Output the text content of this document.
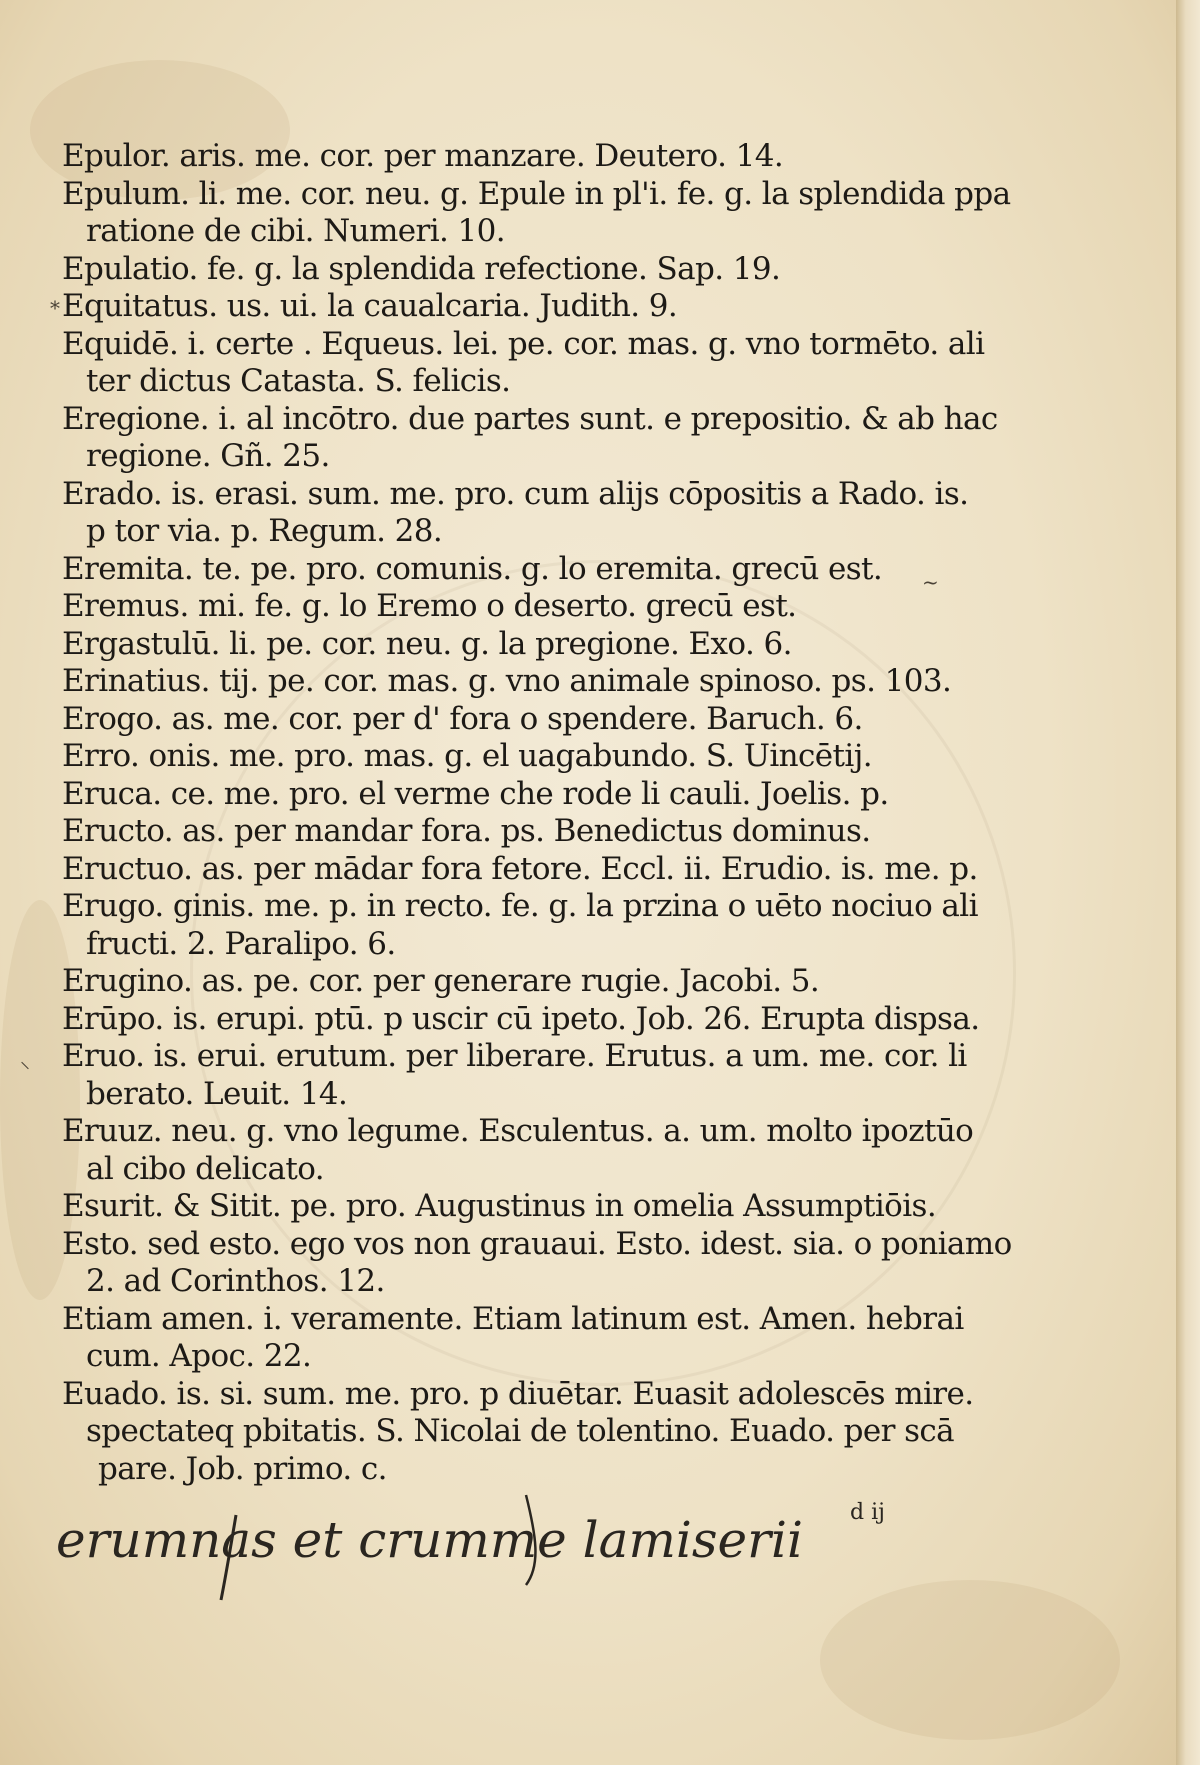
Epulor. aris. me. cor. per manzare. Deutero. 14.

Epulum. li. me. cor. neu. g. Epule in pl'i. fe. g. la splendida ppa
ratione de cibi. Numeri. 10.

Epulatio. fe. g. la splendida refectione. Sap. 19.

Equitatus. us. ui. la caualcaria. Judith. 9.

Equidē. i. certe . Equeus. lei. pe. cor. mas. g. vno tormēto. ali
ter dictus Catasta. S. felicis.

Eregione. i. al incōtro. due partes sunt. e prepositio. & ab hac
regione. Gñ. 25.

Erado. is. erasi. sum. me. pro. cum alijs cōpositis a Rado. is.
p tor via. p. Regum. 28.

Eremita. te. pe. pro. comunis. g. lo eremita. grecū est.

Eremus. mi. fe. g. lo Eremo o deserto. grecū est.

Ergastulū. li. pe. cor. neu. g. la pregione. Exo. 6.

Erinatius. tij. pe. cor. mas. g. vno animale spinoso. ps. 103.

Erogo. as. me. cor. per d' fora o spendere. Baruch. 6.

Erro. onis. me. pro. mas. g. el uagabundo. S. Uincētij.

Eruca. ce. me. pro. el verme che rode li cauli. Joelis. p.

Eructo. as. per mandar fora. ps. Benedictus dominus.

Eructuo. as. per mādar fora fetore. Eccl. ii. Erudio. is. me. p.

Erugo. ginis. me. p. in recto. fe. g. la przina o uēto nociuo ali
fructi. 2. Paralipo. 6.

Erugino. as. pe. cor. per generare rugie. Jacobi. 5.

Erūpo. is. erupi. ptū. p uscir cū ipeto. Job. 26. Erupta dispsa.

Eruo. is. erui. erutum. per liberare. Erutus. a um. me. cor. li
berato. Leuit. 14.

Eruuz. neu. g. vno legume. Esculentus. a. um. molto ipoztūo
al cibo delicato.

Esurit. & Sitit. pe. pro. Augustinus in omelia Assumptiōis.

Esto. sed esto. ego vos non grauaui. Esto. idest. sia. o poniamo
2. ad Corinthos. 12.

Etiam amen. i. veramente. Etiam latinum est. Amen. hebrai
cum. Apoc. 22.

Euado. is. si. sum. me. pro. p diuētar. Euasit adolescēs mire.
spectateq pbitatis. S. Nicolai de tolentino. Euado. per scā
pare. Job. primo. c.

*
~
⸌
erumnas et crumme lamiserii d ij
